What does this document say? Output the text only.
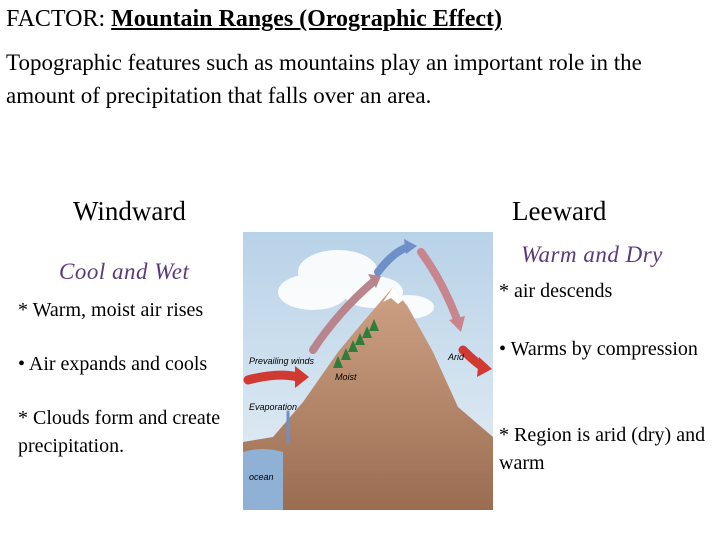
FACTOR: Mountain Ranges (Orographic Effect)
Topographic features such as mountains play an important role in the amount of precipitation that falls over an area.
Windward
Cool and Wet
* Warm, moist air rises
• Air expands and cools
* Clouds form and create precipitation.
Leeward
Warm and Dry
* air descends
• Warms by compression
* Region is arid (dry) and warm
Prevailing winds
Moist
Evaporation
Arid
ocean
